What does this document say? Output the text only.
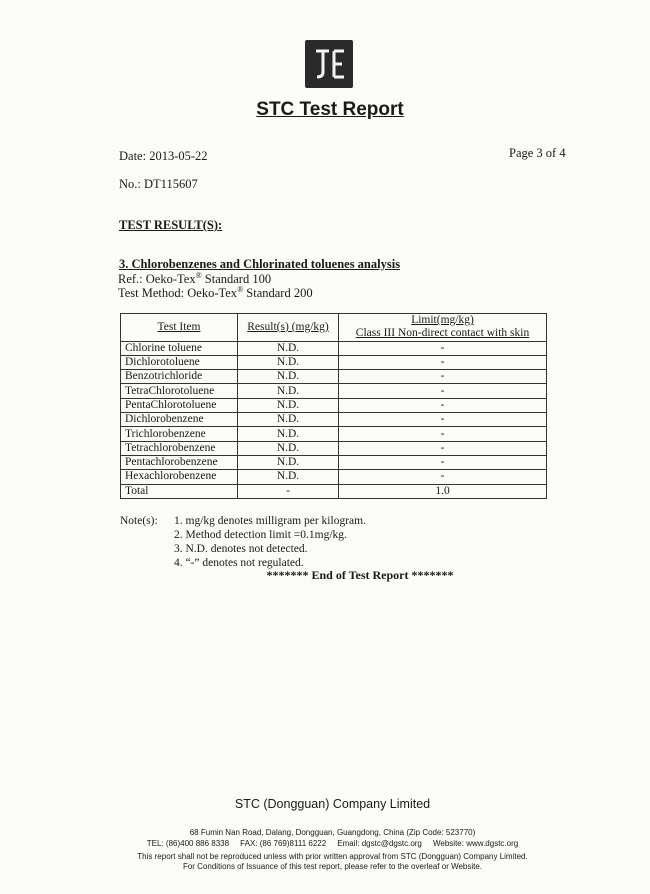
STC Test Report
Date: 2013-05-22	Page 3 of 4
No.: DT115607
TEST RESULT(S):
3. Chlorobenzenes and Chlorinated toluenes analysis
Ref.: Oeko-Tex® Standard 100
Test Method: Oeko-Tex® Standard 200
Test Item	Result(s) (mg/kg)	Limit(mg/kg)
		Class III Non-direct contact with skin
Chlorine toluene	N.D.	-
Dichlorotoluene	N.D.	-
Benzotrichloride	N.D.	-
TetraChlorotoluene	N.D.	-
PentaChlorotoluene	N.D.	-
Dichlorobenzene	N.D.	-
Trichlorobenzene	N.D.	-
Tetrachlorobenzene	N.D.	-
Pentachlorobenzene	N.D.	-
Hexachlorobenzene	N.D.	-
Total	-	1.0
Note(s): 1. mg/kg denotes milligram per kilogram.
2. Method detection limit =0.1mg/kg.
3. N.D. denotes not detected.
4. “-” denotes not regulated.
******* End of Test Report *******
STC (Dongguan) Company Limited
68 Fumin Nan Road, Dalang, Dongguan, Guangdong, China (Zip Code: 523770)
TEL: (86)400 886 8338     FAX: (86 769)8111 6222     Email: dgstc@dgstc.org     Website: www.dgstc.org
This report shall not be reproduced unless with prior written approval from STC (Dongguan) Company Limited.
For Conditions of Issuance of this test report, please refer to the overleaf or Website.
